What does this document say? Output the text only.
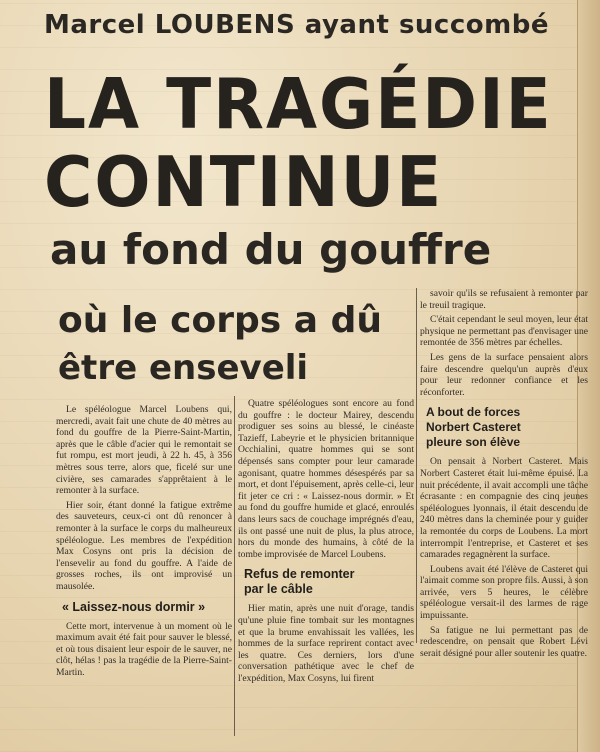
Marcel LOUBENS ayant succombé
LA TRAGÉDIE
CONTINUE
au fond du gouffre
où le corps a dû
être enseveli

Le spéléologue Marcel Loubens qui, mercredi, avait fait une chute de 40 mètres au fond du gouffre de la Pierre-Saint-Martin, après que le câble d'acier qui le remontait se fut rompu, est mort jeudi, à 22 h. 45, à 356 mètres sous terre, alors que, ficelé sur une civière, ses camarades s'apprêtaient à le remonter à la surface.

Hier soir, étant donné la fatigue extrême des sauveteurs, ceux-ci ont dû renoncer à remonter à la surface le corps du malheureux spéléologue. Les membres de l'expédition Max Cosyns ont pris la décision de l'ensevelir au fond du gouffre. A l'aide de grosses roches, ils ont improvisé un mausolée.

« Laissez-nous dormir »

Cette mort, intervenue à un moment où le maximum avait été fait pour sauver le blessé, et où tous disaient leur espoir de le sauver, ne clôt, hélas ! pas la tragédie de la Pierre-Saint-Martin.

Quatre spéléologues sont encore au fond du gouffre : le docteur Mairey, descendu prodiguer ses soins au blessé, le cinéaste Tazieff, Labeyrie et le physicien britannique Occhialini, quatre hommes qui se sont dépensés sans compter pour leur camarade agonisant, quatre hommes désespérés par sa mort, et dont l'épuisement, après celle-ci, leur fit jeter ce cri : « Laissez-nous dormir. » Et au fond du gouffre humide et glacé, enroulés dans leurs sacs de couchage imprégnés d'eau, ils ont passé une nuit de plus, la plus atroce, hors du monde des humains, à côté de la tombe improvisée de Marcel Loubens.

Refus de remonter
par le câble

Hier matin, après une nuit d'orage, tandis qu'une pluie fine tombait sur les montagnes et que la brume envahissait les vallées, les hommes de la surface reprirent contact avec les quatre. Ces derniers, lors d'une conversation pathétique avec le chef de l'expédition, Max Cosyns, lui firent

savoir qu'ils se refusaient à remonter par le treuil tragique.

C'était cependant le seul moyen, leur état physique ne permettant pas d'envisager une remontée de 356 mètres par échelles.

Les gens de la surface pensaient alors faire descendre quelqu'un auprès d'eux pour leur redonner confiance et les réconforter.

A bout de forces
Norbert Casteret
pleure son élève

On pensait à Norbert Casteret. Mais Norbert Casteret était lui-même épuisé. La nuit précédente, il avait accompli une tâche écrasante : en compagnie des cinq jeunes spéléologues lyonnais, il était descendu de 240 mètres dans la cheminée pour y guider la remontée du corps de Loubens. La mort interrompit l'entreprise, et Casteret et ses camarades regagnèrent la surface.

Loubens avait été l'élève de Casteret qui l'aimait comme son propre fils. Aussi, à son arrivée, vers 5 heures, le célèbre spéléologue versait-il des larmes de rage impuissante.

Sa fatigue ne lui permettant pas de redescendre, on pensait que Robert Lévi serait désigné pour aller soutenir les quatre.
